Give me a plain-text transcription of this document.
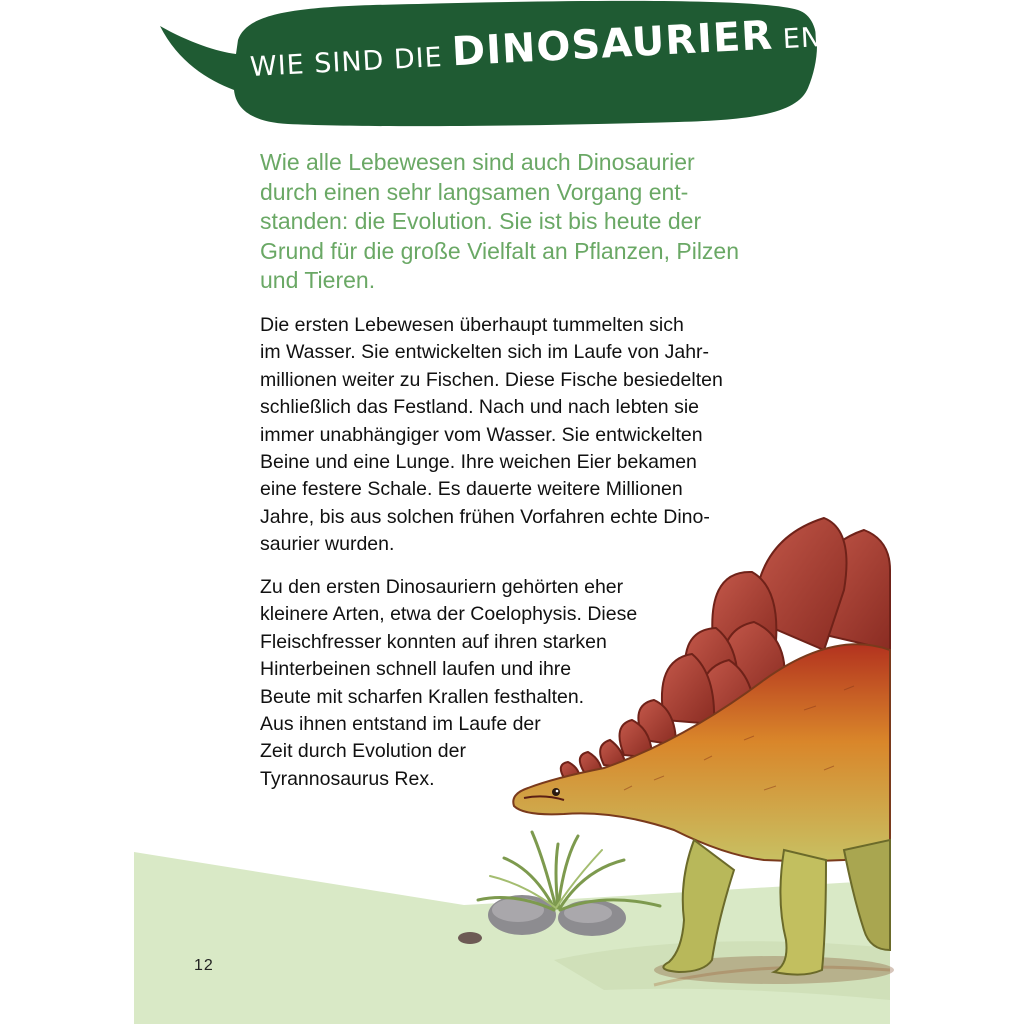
WIE SIND DIE DINOSAURIER ENTSTANDEN?

Wie alle Lebewesen sind auch Dinosaurier
durch einen sehr langsamen Vorgang ent-
standen: die Evolution. Sie ist bis heute der
Grund für die große Vielfalt an Pflanzen, Pilzen
und Tieren.

Die ersten Lebewesen überhaupt tummelten sich
im Wasser. Sie entwickelten sich im Laufe von Jahr-
millionen weiter zu Fischen. Diese Fische besiedelten
schließlich das Festland. Nach und nach lebten sie
immer unabhängiger vom Wasser. Sie entwickelten
Beine und eine Lunge. Ihre weichen Eier bekamen
eine festere Schale. Es dauerte weitere Millionen
Jahre, bis aus solchen frühen Vorfahren echte Dino-
saurier wurden.

Zu den ersten Dinosauriern gehörten eher
kleinere Arten, etwa der Coelophysis. Diese
Fleischfresser konnten auf ihren starken
Hinterbeinen schnell laufen und ihre
Beute mit scharfen Krallen festhalten.
Aus ihnen entstand im Laufe der
Zeit durch Evolution der
Tyrannosaurus Rex.

12
